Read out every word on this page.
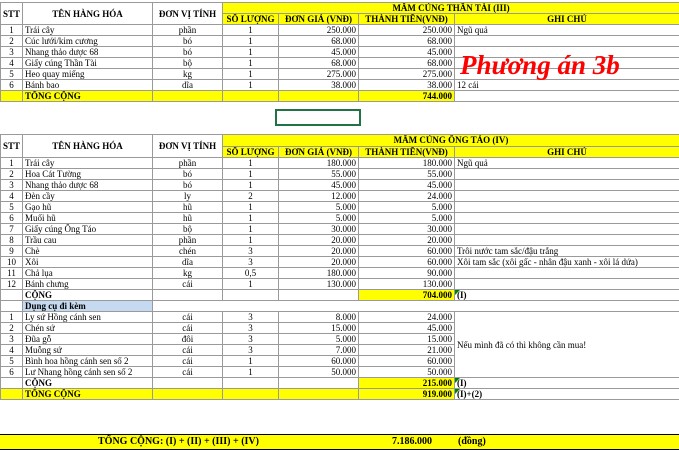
STT	TÊN HÀNG HÓA	ĐƠN VỊ TÍNH	MÂM CÚNG THẦN TÀI (III)			
			SỐ LƯỢNG	ĐƠN GIÁ (VNĐ)	THÀNH TIỀN(VNĐ)	GHI CHÚ
1	Trái cây	phần	1	250.000	250.000	Ngũ quả
2	Cúc lưới/kim cương	bó	1	68.000	68.000	
3	Nhang thảo dược 68	bó	1	45.000	45.000	
4	Giấy cúng Thần Tài	bộ	1	68.000	68.000	
5	Heo quay miếng	kg	1	275.000	275.000	
6	Bánh bao	dĩa	1	38.000	38.000	12 cái
	TỔNG CỘNG				744.000	
Phương án 3b
STT	TÊN HÀNG HÓA	ĐƠN VỊ TÍNH	MÂM CÚNG ÔNG TÁO (IV)			
			SỐ LƯỢNG	ĐƠN GIÁ (VNĐ)	THÀNH TIỀN(VNĐ)	GHI CHÚ
1	Trái cây	phần	1	180.000	180.000	Ngũ quả
2	Hoa Cát Tường	bó	1	55.000	55.000	
3	Nhang thảo dược 68	bó	1	45.000	45.000	
4	Đèn cầy	ly	2	12.000	24.000	
5	Gạo hũ	hũ	1	5.000	5.000	
6	Muối hũ	hũ	1	5.000	5.000	
7	Giấy cúng Ông Táo	bộ	1	30.000	30.000	
8	Trầu cau	phần	1	20.000	20.000	
9	Chè	chén	3	20.000	60.000	Trôi nước tam sắc/đậu trắng
10	Xôi	dĩa	3	20.000	60.000	Xôi tam sắc (xôi gấc - nhân đậu xanh - xôi lá dứa)
11	Chả lụa	kg	0,5	180.000	90.000	
12	Bánh chưng	cái	1	130.000	130.000	
	CỘNG				704.000	(I)
	Dụng cụ đi kèm					
1	Ly sứ Hồng cánh sen	cái	3	8.000	24.000	Nếu mình đã có thì không cần mua!
2	Chén sứ	cái	3	15.000	45.000	
3	Đũa gỗ	đôi	3	5.000	15.000	
4	Muỗng sứ	cái	3	7.000	21.000	
5	Bình hoa hồng cánh sen số 2	cái	1	60.000	60.000	
6	Lư Nhang hồng cánh sen số 2	cái	1	50.000	50.000	
	CỘNG				215.000	(I)
	TỔNG CỘNG				919.000	(I)+(2)
TỔNG CỘNG: (I) + (II) + (III) + (IV)	7.186.000	(đồng)
